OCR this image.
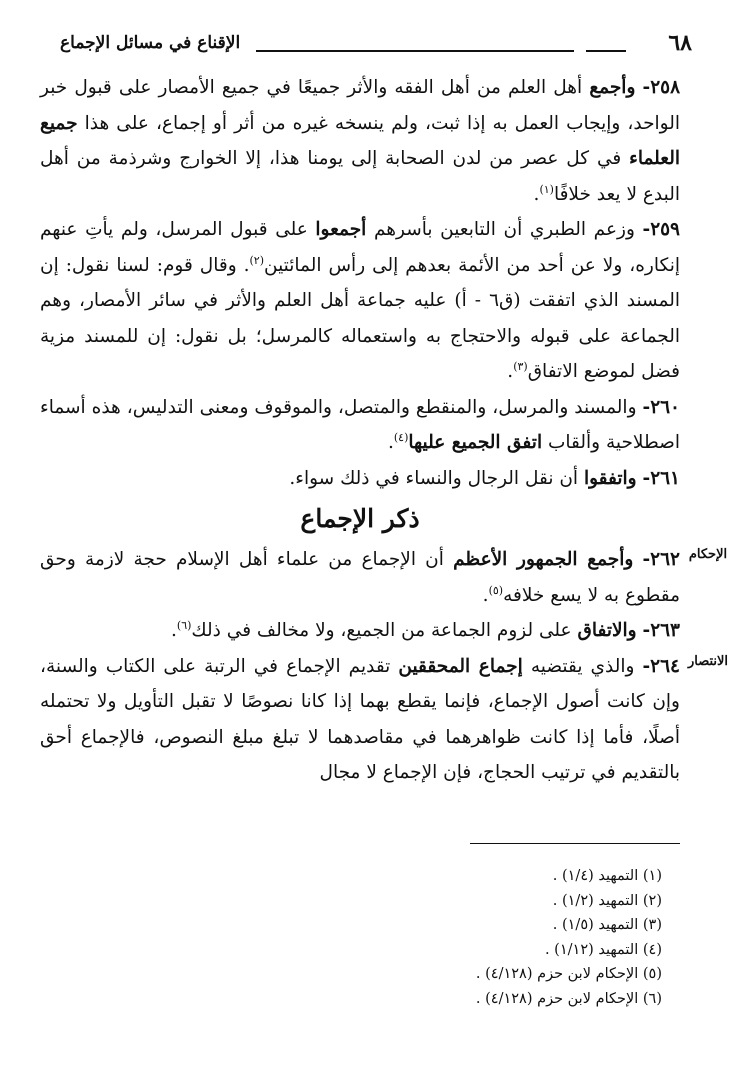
٦٨
الإقناع في مسائل الإجماع

٢٥٨- وأجمع أهل العلم من أهل الفقه والأثر جميعًا في جميع الأمصار على قبول خبر الواحد، وإيجاب العمل به إذا ثبت، ولم ينسخه غيره من أثر أو إجماع، على هذا جميع العلماء في كل عصر من لدن الصحابة إلى يومنا هذا، إلا الخوارج وشرذمة من أهل البدع لا يعد خلافًا$^{(١)}$.

٢٥٩- وزعم الطبري أن التابعين بأسرهم أجمعوا على قبول المرسل، ولم يأتِ عنهم إنكاره، ولا عن أحد من الأئمة بعدهم إلى رأس المائتين$^{(٢)}$. وقال قوم: لسنا نقول: إن المسند الذي اتفقت (ق٦ - أ) عليه جماعة أهل العلم والأثر في سائر الأمصار، وهم الجماعة على قبوله والاحتجاج به واستعماله كالمرسل؛ بل نقول: إن للمسند مزية فضل لموضع الاتفاق$^{(٣)}$.

٢٦٠- والمسند والمرسل، والمنقطع والمتصل، والموقوف ومعنى التدليس، هذه أسماء اصطلاحية وألقاب اتفق الجميع عليها$^{(٤)}$.

٢٦١- واتفقوا أن نقل الرجال والنساء في ذلك سواء.

ذكر الإجماع

الإحكام
٢٦٢- وأجمع الجمهور الأعظم أن الإجماع من علماء أهل الإسلام حجة لازمة وحق مقطوع به لا يسع خلافه$^{(٥)}$.

٢٦٣- والاتفاق على لزوم الجماعة من الجميع، ولا مخالف في ذلك$^{(٦)}$.

الانتصار
٢٦٤- والذي يقتضيه إجماع المحققين تقديم الإجماع في الرتبة على الكتاب والسنة، وإن كانت أصول الإجماع، فإنما يقطع بهما إذا كانا نصوصًا لا تقبل التأويل ولا تحتمله أصلًا، فأما إذا كانت ظواهرهما في مقاصدهما لا تبلغ مبلغ النصوص، فالإجماع أحق بالتقديم في ترتيب الحجاج، فإن الإجماع لا مجال

(١) التمهيد (١/٤) .

(٢) التمهيد (١/٢) .

(٣) التمهيد (١/٥) .

(٤) التمهيد (١/١٢) .

(٥) الإحكام لابن حزم (٤/١٢٨) .

(٦) الإحكام لابن حزم (٤/١٢٨) .
